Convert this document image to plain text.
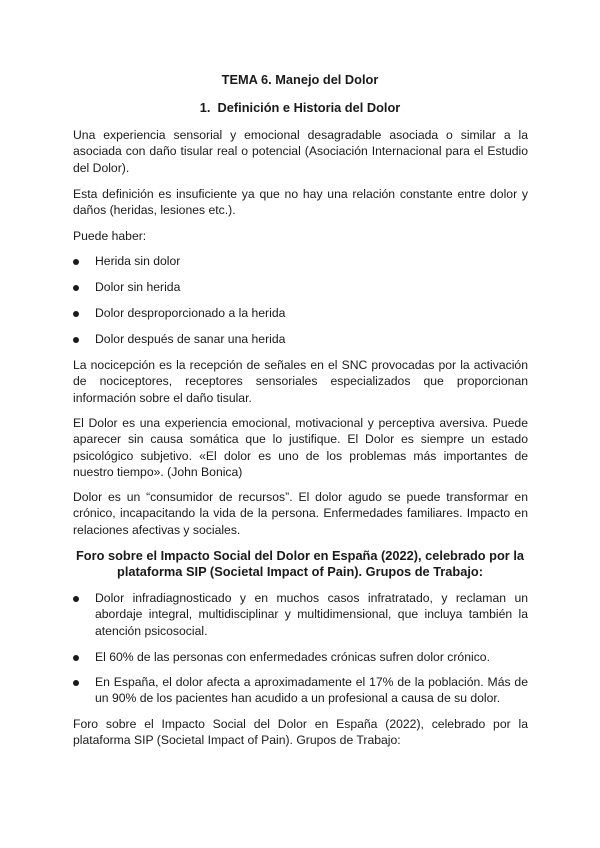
TEMA 6. Manejo del Dolor

1.  Definición e Historia del Dolor

Una experiencia sensorial y emocional desagradable asociada o similar a la asociada con daño tisular real o potencial (Asociación Internacional para el Estudio del Dolor).

Esta definición es insuficiente ya que no hay una relación constante entre dolor y daños (heridas, lesiones etc.).

Puede haber:

Herida sin dolor

Dolor sin herida

Dolor desproporcionado a la herida

Dolor después de sanar una herida

La nocicepción es la recepción de señales en el SNC provocadas por la activación de nociceptores, receptores sensoriales especializados que proporcionan información sobre el daño tisular.

El Dolor es una experiencia emocional, motivacional y perceptiva aversiva. Puede aparecer sin causa somática que lo justifique. El Dolor es siempre un estado psicológico subjetivo. «El dolor es uno de los problemas más importantes de nuestro tiempo». (John Bonica)

Dolor es un “consumidor de recursos”. El dolor agudo se puede transformar en crónico, incapacitando la vida de la persona. Enfermedades familiares. Impacto en relaciones afectivas y sociales.

Foro sobre el Impacto Social del Dolor en España (2022), celebrado por la plataforma SIP (Societal Impact of Pain). Grupos de Trabajo:

Dolor infradiagnosticado y en muchos casos infratratado, y reclaman un abordaje integral, multidisciplinar y multidimensional, que incluya también la atención psicosocial.

El 60% de las personas con enfermedades crónicas sufren dolor crónico.

En España, el dolor afecta a aproximadamente el 17% de la población. Más de un 90% de los pacientes han acudido a un profesional a causa de su dolor.

Foro sobre el Impacto Social del Dolor en España (2022), celebrado por la plataforma SIP (Societal Impact of Pain). Grupos de Trabajo:
